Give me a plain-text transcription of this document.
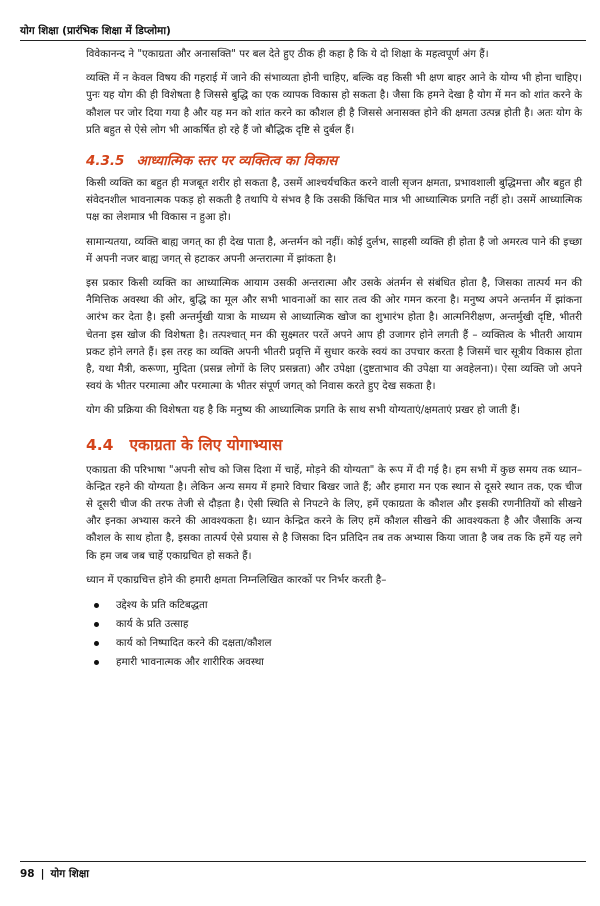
योग शिक्षा (प्रारंभिक शिक्षा में डिप्लोमा)

विवेकानन्द ने "एकाग्रता और अनासक्ति" पर बल देते हुए ठीक ही कहा है कि ये दो शिक्षा के महत्वपूर्ण अंग हैं।

व्यक्ति में न केवल विषय की गहराई में जाने की संभाव्यता होनी चाहिए, बल्कि वह किसी भी क्षण बाहर आने के योग्य भी होना चाहिए। पुनः यह योग की ही विशेषता है जिससे बुद्धि का एक व्यापक विकास हो सकता है। जैसा कि हमने देखा है योग में मन को शांत करने के कौशल पर जोर दिया गया है और यह मन को शांत करने का कौशल ही है जिससे अनासक्त होने की क्षमता उत्पन्न होती है। अतः योग के प्रति बहुत से ऐसे लोग भी आकर्षित हो रहे हैं जो बौद्धिक दृष्टि से दुर्बल हैं।

4.3.5 आध्यात्मिक स्तर पर व्यक्तित्व का विकास

किसी व्यक्ति का बहुत ही मजबूत शरीर हो सकता है, उसमें आश्चर्यचकित करने वाली सृजन क्षमता, प्रभावशाली बुद्धिमत्ता और बहुत ही संवेदनशील भावनात्मक पकड़ हो सकती है तथापि ये संभव है कि उसकी किंचित मात्र भी आध्यात्मिक प्रगति नहीं हो। उसमें आध्यात्मिक पक्ष का लेशमात्र भी विकास न हुआ हो।

सामान्यतया, व्यक्ति बाह्य जगत् का ही देख पाता है, अन्तर्मन को नहीं। कोई दुर्लभ, साहसी व्यक्ति ही होता है जो अमरत्व पाने की इच्छा में अपनी नजर बाह्य जगत् से हटाकर अपनी अन्तरात्मा में झांकता है।

इस प्रकार किसी व्यक्ति का आध्यात्मिक आयाम उसकी अन्तरात्मा और उसके अंतर्मन से संबंधित होता है, जिसका तात्पर्य मन की नैमित्तिक अवस्था की ओर, बुद्धि का मूल और सभी भावनाओं का सार तत्व की ओर गमन करना है। मनुष्य अपने अन्तर्मन में झांकना आरंभ कर देता है। इसी अन्तर्मुखी यात्रा के माध्यम से आध्यात्मिक खोज का शुभारंभ होता है। आत्मनिरीक्षण, अन्तर्मुखी दृष्टि, भीतरी चेतना इस खोज की विशेषता है। तत्पश्चात् मन की सुक्ष्मतर परतें अपने आप ही उजागर होने लगती हैं – व्यक्तित्व के भीतरी आयाम प्रकट होने लगते हैं। इस तरह का व्यक्ति अपनी भीतरी प्रवृत्ति में सुधार करके स्वयं का उपचार करता है जिसमें चार सूत्रीय विकास होता है, यथा मैत्री, करूणा, मुदिता (प्रसन्न लोगों के लिए प्रसन्नता) और उपेक्षा (दुष्टताभाव की उपेक्षा या अवहेलना)। ऐसा व्यक्ति जो अपने स्वयं के भीतर परमात्मा और परमात्मा के भीतर संपूर्ण जगत् को निवास करते हुए देख सकता है।

योग की प्रक्रिया की विशेषता यह है कि मनुष्य की आध्यात्मिक प्रगति के साथ सभी योग्यताएं/क्षमताएं प्रखर हो जाती हैं।

4.4 एकाग्रता के लिए योगाभ्यास

एकाग्रता की परिभाषा "अपनी सोच को जिस दिशा में चाहें, मोड़ने की योग्यता" के रूप में दी गई है। हम सभी में कुछ समय तक ध्यान–केन्द्रित रहने की योग्यता है। लेकिन अन्य समय में हमारे विचार बिखर जाते हैं; और हमारा मन एक स्थान से दूसरे स्थान तक, एक चीज से दूसरी चीज की तरफ तेजी से दौड़ता है। ऐसी स्थिति से निपटने के लिए, हमें एकाग्रता के कौशल और इसकी रणनीतियों को सीखने और इनका अभ्यास करने की आवश्यकता है। ध्यान केन्द्रित करने के लिए हमें कौशल सीखने की आवश्यकता है और जैसाकि अन्य कौशल के साथ होता है, इसका तात्पर्य ऐसे प्रयास से है जिसका दिन प्रतिदिन तब तक अभ्यास किया जाता है जब तक कि हमें यह लगे कि हम जब जब चाहें एकाग्रचित हो सकते हैं।

ध्यान में एकाग्रचित्त होने की हमारी क्षमता निम्नलिखित कारकों पर निर्भर करती है–

उद्देश्य के प्रति कटिबद्धता
कार्य के प्रति उत्साह
कार्य को निष्पादित करने की दक्षता/कौशल
हमारी भावनात्मक और शारीरिक अवस्था
98 | योग शिक्षा
